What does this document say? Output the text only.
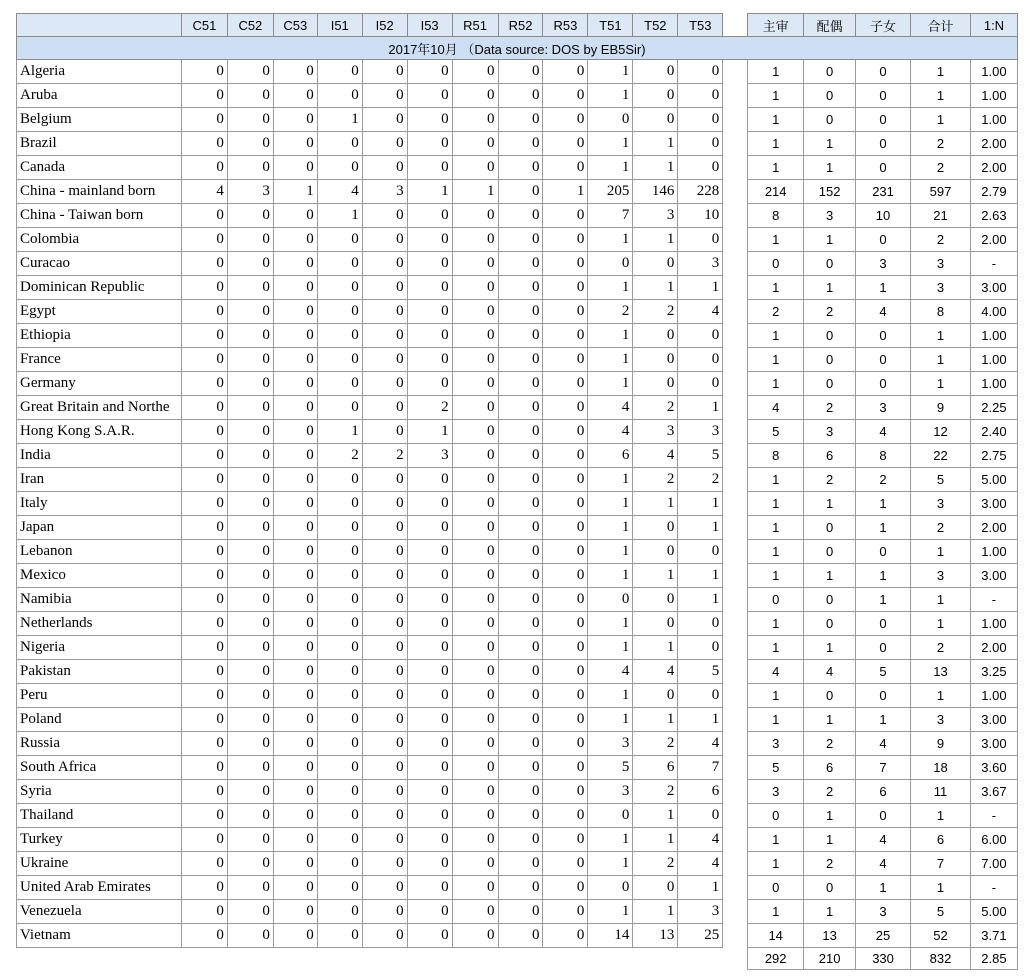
	C51	C52	C53	I51	I52	I53	R51	R52	R53	T51	T52	T53		主审	配偶	子女	合计	1:N
2017年10月 （Data source: DOS by EB5Sir)																		
Algeria	0	0	0	0	0	0	0	0	0	1	0	0		1	0	0	1	1.00
Aruba	0	0	0	0	0	0	0	0	0	1	0	0		1	0	0	1	1.00
Belgium	0	0	0	1	0	0	0	0	0	0	0	0		1	0	0	1	1.00
Brazil	0	0	0	0	0	0	0	0	0	1	1	0		1	1	0	2	2.00
Canada	0	0	0	0	0	0	0	0	0	1	1	0		1	1	0	2	2.00
China - mainland born	4	3	1	4	3	1	1	0	1	205	146	228		214	152	231	597	2.79
China - Taiwan born	0	0	0	1	0	0	0	0	0	7	3	10		8	3	10	21	2.63
Colombia	0	0	0	0	0	0	0	0	0	1	1	0		1	1	0	2	2.00
Curacao	0	0	0	0	0	0	0	0	0	0	0	3		0	0	3	3	-
Dominican Republic	0	0	0	0	0	0	0	0	0	1	1	1		1	1	1	3	3.00
Egypt	0	0	0	0	0	0	0	0	0	2	2	4		2	2	4	8	4.00
Ethiopia	0	0	0	0	0	0	0	0	0	1	0	0		1	0	0	1	1.00
France	0	0	0	0	0	0	0	0	0	1	0	0		1	0	0	1	1.00
Germany	0	0	0	0	0	0	0	0	0	1	0	0		1	0	0	1	1.00
Great Britain and Northe	0	0	0	0	0	2	0	0	0	4	2	1		4	2	3	9	2.25
Hong Kong S.A.R.	0	0	0	1	0	1	0	0	0	4	3	3		5	3	4	12	2.40
India	0	0	0	2	2	3	0	0	0	6	4	5		8	6	8	22	2.75
Iran	0	0	0	0	0	0	0	0	0	1	2	2		1	2	2	5	5.00
Italy	0	0	0	0	0	0	0	0	0	1	1	1		1	1	1	3	3.00
Japan	0	0	0	0	0	0	0	0	0	1	0	1		1	0	1	2	2.00
Lebanon	0	0	0	0	0	0	0	0	0	1	0	0		1	0	0	1	1.00
Mexico	0	0	0	0	0	0	0	0	0	1	1	1		1	1	1	3	3.00
Namibia	0	0	0	0	0	0	0	0	0	0	0	1		0	0	1	1	-
Netherlands	0	0	0	0	0	0	0	0	0	1	0	0		1	0	0	1	1.00
Nigeria	0	0	0	0	0	0	0	0	0	1	1	0		1	1	0	2	2.00
Pakistan	0	0	0	0	0	0	0	0	0	4	4	5		4	4	5	13	3.25
Peru	0	0	0	0	0	0	0	0	0	1	0	0		1	0	0	1	1.00
Poland	0	0	0	0	0	0	0	0	0	1	1	1		1	1	1	3	3.00
Russia	0	0	0	0	0	0	0	0	0	3	2	4		3	2	4	9	3.00
South Africa	0	0	0	0	0	0	0	0	0	5	6	7		5	6	7	18	3.60
Syria	0	0	0	0	0	0	0	0	0	3	2	6		3	2	6	11	3.67
Thailand	0	0	0	0	0	0	0	0	0	0	1	0		0	1	0	1	-
Turkey	0	0	0	0	0	0	0	0	0	1	1	4		1	1	4	6	6.00
Ukraine	0	0	0	0	0	0	0	0	0	1	2	4		1	2	4	7	7.00
United Arab Emirates	0	0	0	0	0	0	0	0	0	0	0	1		0	0	1	1	-
Venezuela	0	0	0	0	0	0	0	0	0	1	1	3		1	1	3	5	5.00
Vietnam	0	0	0	0	0	0	0	0	0	14	13	25		14	13	25	52	3.71
														292	210	330	832	2.85
